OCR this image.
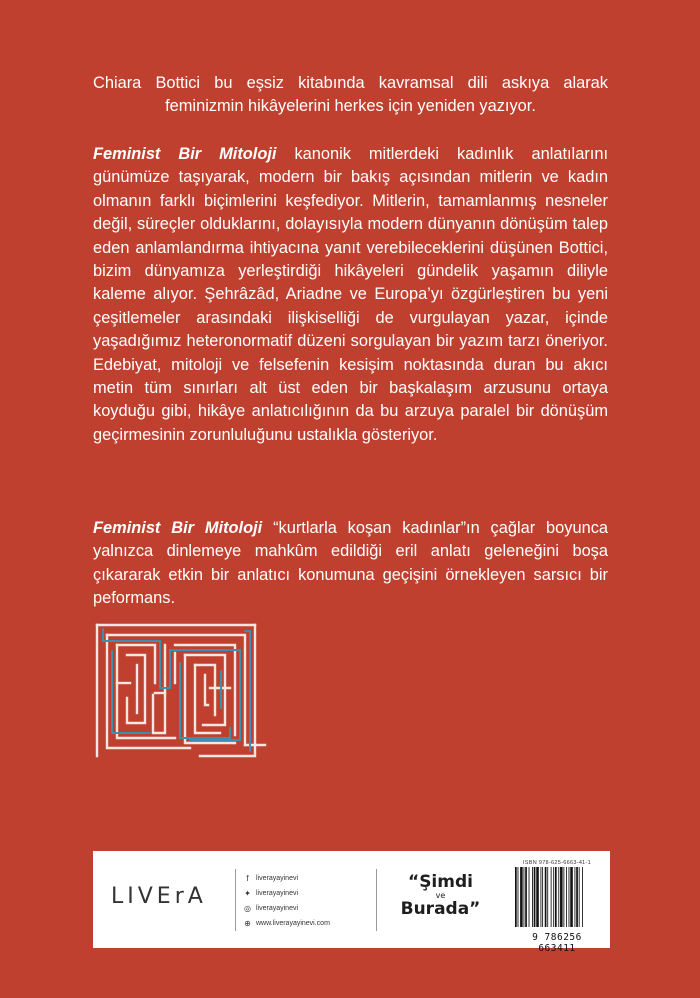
Chiara Bottici bu eşsiz kitabında kavramsal dili askıya alarak feminizmin hikâyelerini herkes için yeniden yazıyor.
Feminist Bir Mitoloji kanonik mitlerdeki kadınlık anlatılarını günümüze taşıyarak, modern bir bakış açısından mitlerin ve kadın olmanın farklı biçimlerini keşfediyor. Mitlerin, tamamlanmış nesneler değil, süreçler olduklarını, dolayısıyla modern dünyanın dönüşüm talep eden anlamlandırma ihtiyacına yanıt verebileceklerini düşünen Bottici, bizim dünyamıza yerleştirdiği hikâyeleri gündelik yaşamın diliyle kaleme alıyor. Şehrâzâd, Ariadne ve Europa’yı özgürleştiren bu yeni çeşitlemeler arasındaki ilişkiselliği de vurgulayan yazar, içinde yaşadığımız heteronormatif düzeni sorgulayan bir yazım tarzı öneriyor. Edebiyat, mitoloji ve felsefenin kesişim noktasında duran bu akıcı metin tüm sınırları alt üst eden bir başkalaşım arzusunu ortaya koyduğu gibi, hikâye anlatıcılığının da bu arzuya paralel bir dönüşüm geçirmesinin zorunluluğunu ustalıkla gösteriyor.
Feminist Bir Mitoloji “kurtlarla koşan kadınlar”ın çağlar boyunca yalnızca dinlemeye mahkûm edildiği eril anlatı geleneğini boşa çıkararak etkin bir anlatıcı konumuna geçişini örnekleyen sarsıcı bir peformans.
LIVErA
f	liverayayinevi
✦ liverayayinevi
◎ liverayayinevi
⊕ www.liverayayinevi.com
“Şimdi
ve
Burada”
ISBN 978-625-6663-41-1
9 786256 663411
